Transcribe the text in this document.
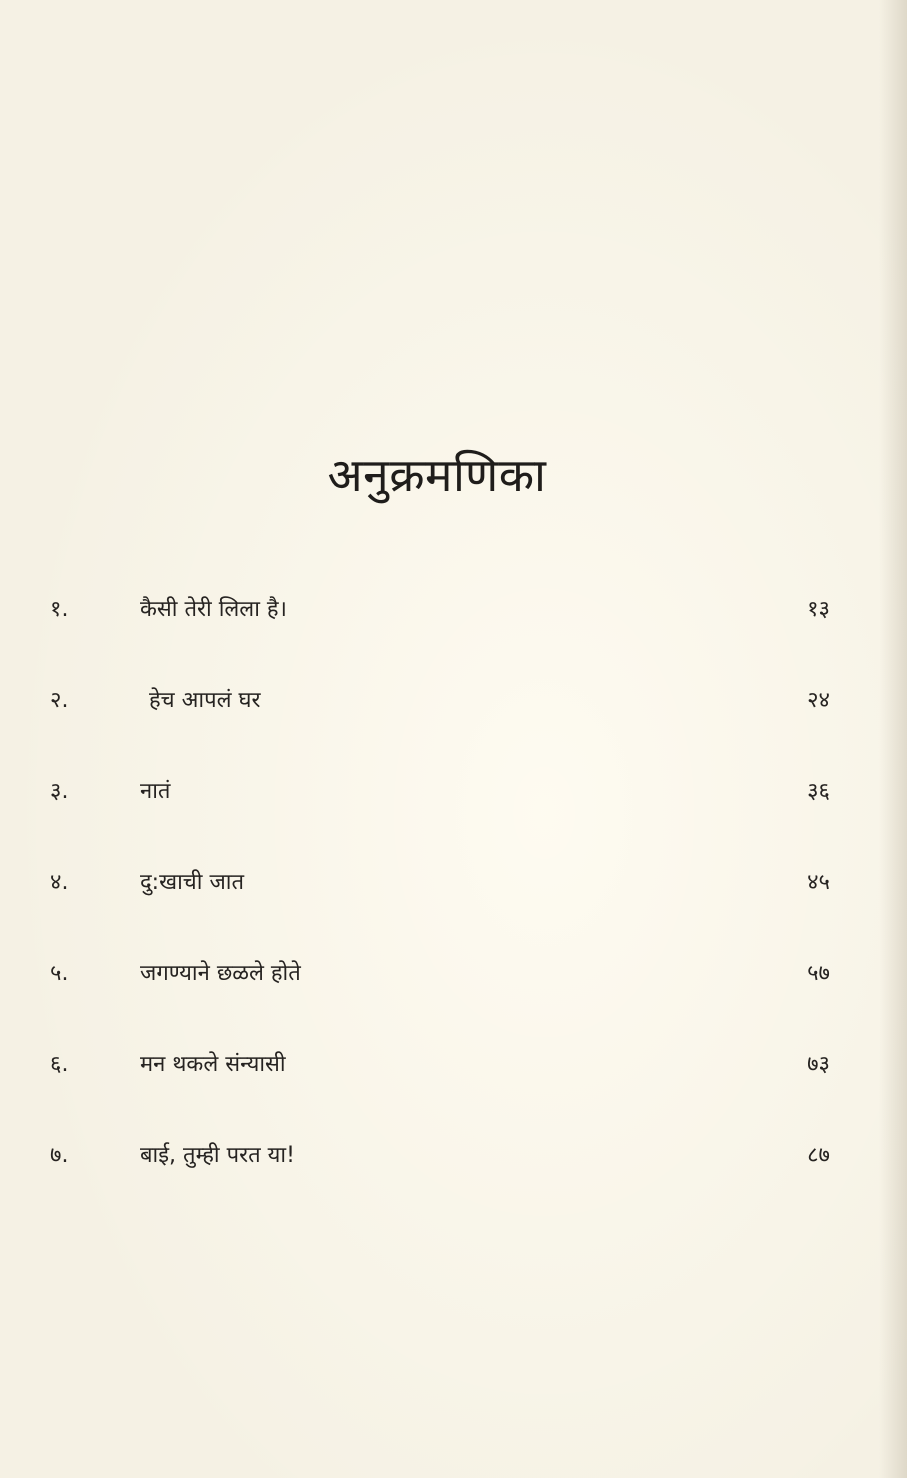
अनुक्रमणिका
१.	कैसी तेरी लिला है।	१३
२.	हेच आपलं घर	२४
३.	नातं	३६
४.	दु:खाची जात	४५
५.	जगण्याने छळले होते	५७
६.	मन थकले संन्यासी	७३
७.	बाई, तुम्ही परत या!	८७
